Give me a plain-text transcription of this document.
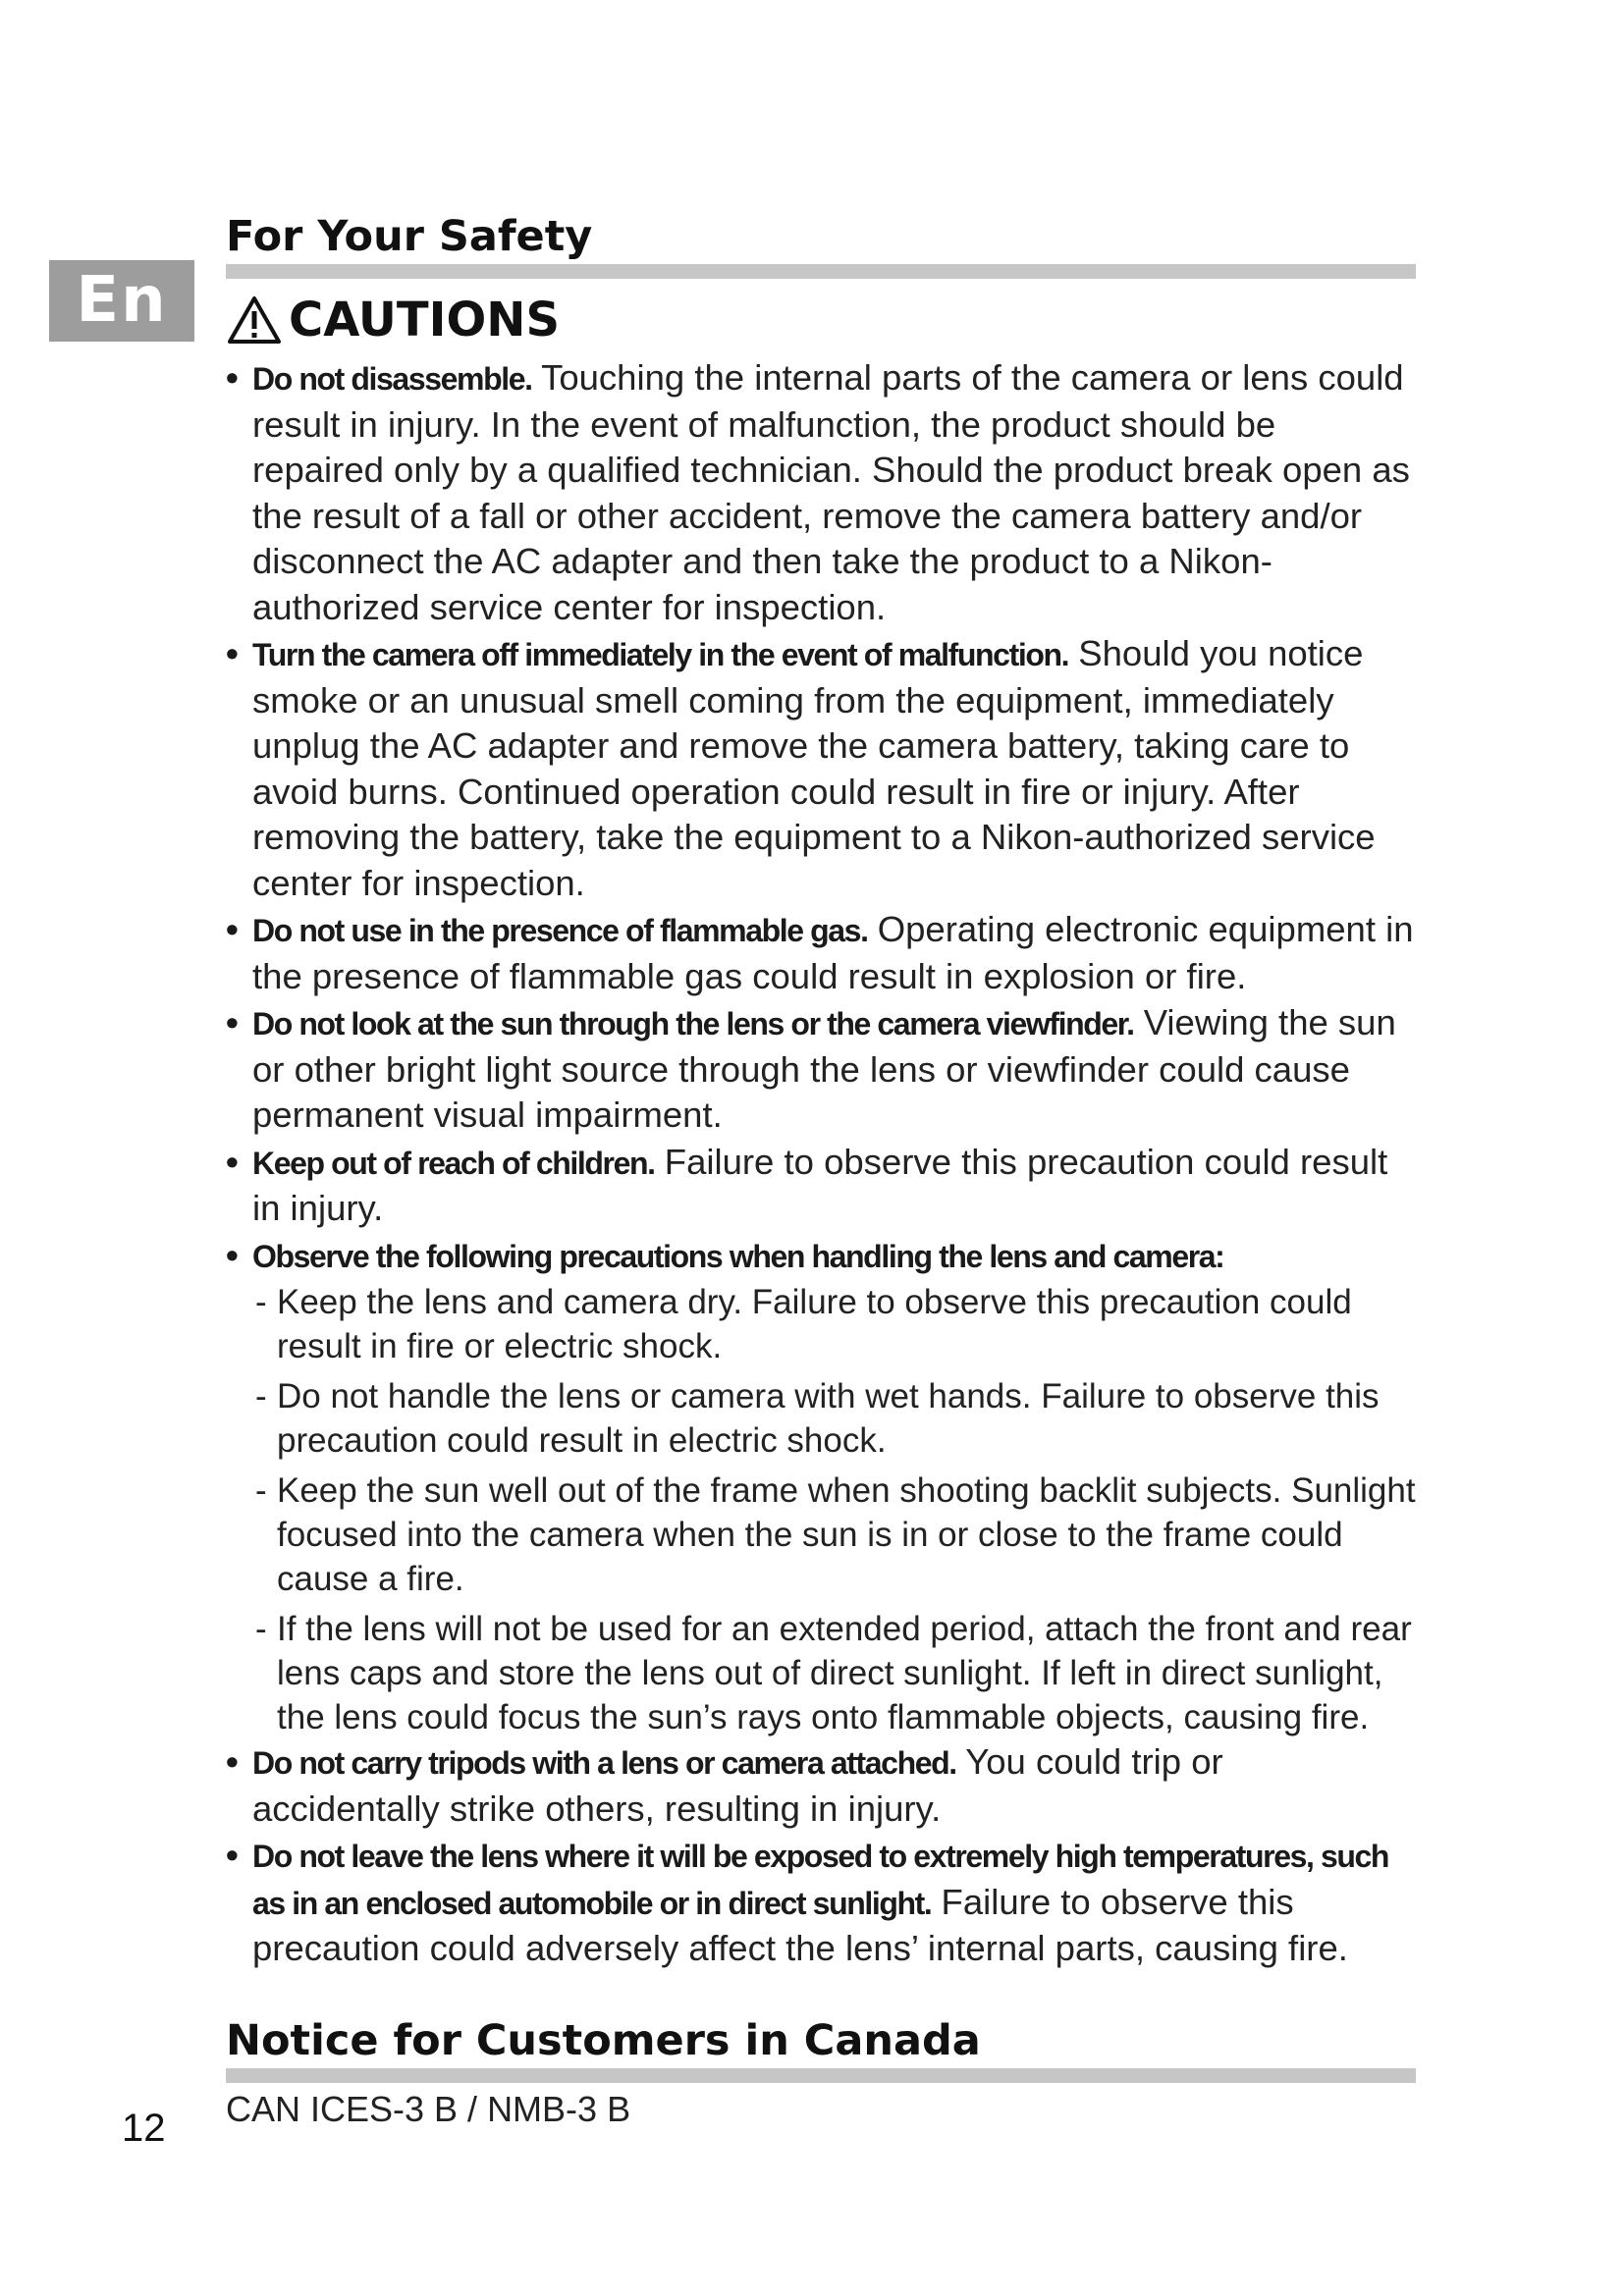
En
For Your Safety
CAUTIONS
• Do not disassemble. Touching the internal parts of the camera or lens could result in injury. In the event of malfunction, the product should be repaired only by a qualified technician. Should the product break open as the result of a fall or other accident, remove the camera battery and/or disconnect the AC adapter and then take the product to a Nikon-authorized service center for inspection.
• Turn the camera off immediately in the event of malfunction. Should you notice smoke or an unusual smell coming from the equipment, immediately unplug the AC adapter and remove the camera battery, taking care to avoid burns. Continued operation could result in fire or injury. After removing the battery, take the equipment to a Nikon-authorized service center for inspection.
• Do not use in the presence of flammable gas. Operating electronic equipment in the presence of flammable gas could result in explosion or fire.
• Do not look at the sun through the lens or the camera viewfinder. Viewing the sun or other bright light source through the lens or viewfinder could cause permanent visual impairment.
• Keep out of reach of children. Failure to observe this precaution could result in injury.
• Observe the following precautions when handling the lens and camera:
- Keep the lens and camera dry. Failure to observe this precaution could result in fire or electric shock.
- Do not handle the lens or camera with wet hands. Failure to observe this precaution could result in electric shock.
- Keep the sun well out of the frame when shooting backlit subjects. Sunlight focused into the camera when the sun is in or close to the frame could cause a fire.
- If the lens will not be used for an extended period, attach the front and rear lens caps and store the lens out of direct sunlight. If left in direct sunlight, the lens could focus the sun’s rays onto flammable objects, causing fire.
• Do not carry tripods with a lens or camera attached. You could trip or accidentally strike others, resulting in injury.
• Do not leave the lens where it will be exposed to extremely high temperatures, such as in an enclosed automobile or in direct sunlight. Failure to observe this precaution could adversely affect the lens’ internal parts, causing fire.
Notice for Customers in Canada
CAN ICES-3 B / NMB-3 B
12
